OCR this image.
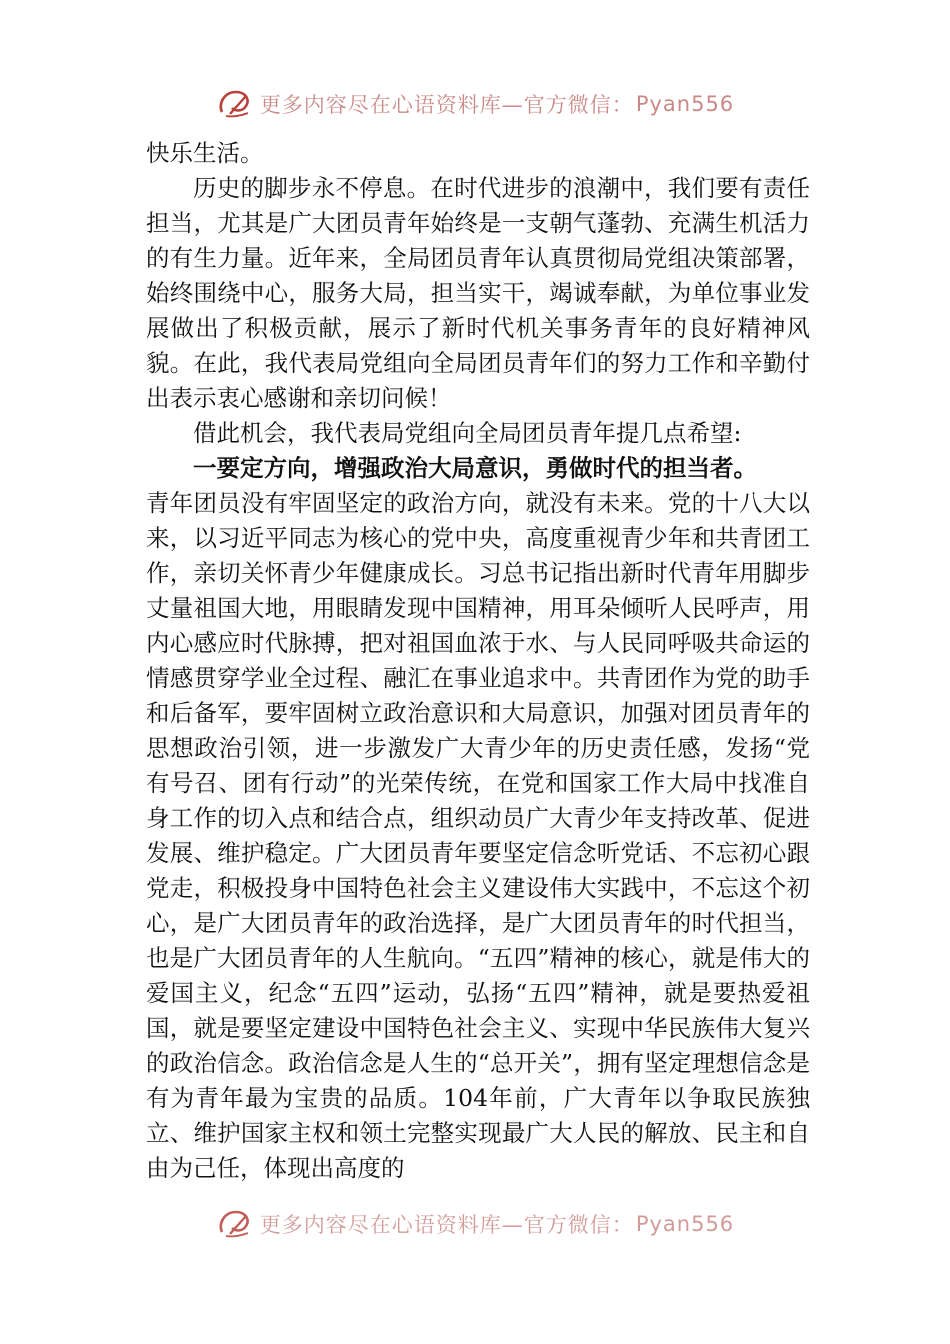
更多内容尽在心语资料库—官方微信： Pyan556

快乐生活。

历史的脚步永不停息。在时代进步的浪潮中，我们要有责任担当，尤其是广大团员青年始终是一支朝气蓬勃、充满生机活力的有生力量。近年来，全局团员青年认真贯彻局党组决策部署，始终围绕中心，服务大局，担当实干，竭诚奉献，为单位事业发展做出了积极贡献，展示了新时代机关事务青年的良好精神风貌。在此，我代表局党组向全局团员青年们的努力工作和辛勤付出表示衷心感谢和亲切问候！

借此机会，我代表局党组向全局团员青年提几点希望:

一要定方向，增强政治大局意识，勇做时代的担当者。

青年团员没有牢固坚定的政治方向，就没有未来。党的十八大以来，以习近平同志为核心的党中央，高度重视青少年和共青团工作，亲切关怀青少年健康成长。习总书记指出新时代青年用脚步丈量祖国大地，用眼睛发现中国精神，用耳朵倾听人民呼声，用内心感应时代脉搏，把对祖国血浓于水、与人民同呼吸共命运的情感贯穿学业全过程、融汇在事业追求中。共青团作为党的助手和后备军，要牢固树立政治意识和大局意识，加强对团员青年的思想政治引领，进一步激发广大青少年的历史责任感，发扬“党有号召、团有行动”的光荣传统，在党和国家工作大局中找准自身工作的切入点和结合点，组织动员广大青少年支持改革、促进发展、维护稳定。广大团员青年要坚定信念听党话、不忘初心跟党走，积极投身中国特色社会主义建设伟大实践中，不忘这个初心，是广大团员青年的政治选择，是广大团员青年的时代担当，也是广大团员青年的人生航向。“五四”精神的核心，就是伟大的爱国主义，纪念“五四”运动，弘扬“五四”精神，就是要热爱祖国，就是要坚定建设中国特色社会主义、实现中华民族伟大复兴的政治信念。政治信念是人生的“总开关”，拥有坚定理想信念是有为青年最为宝贵的品质。104年前，广大青年以争取民族独立、维护国家主权和领土完整实现最广大人民的解放、民主和自由为己任，体现出高度的

更多内容尽在心语资料库—官方微信： Pyan556
